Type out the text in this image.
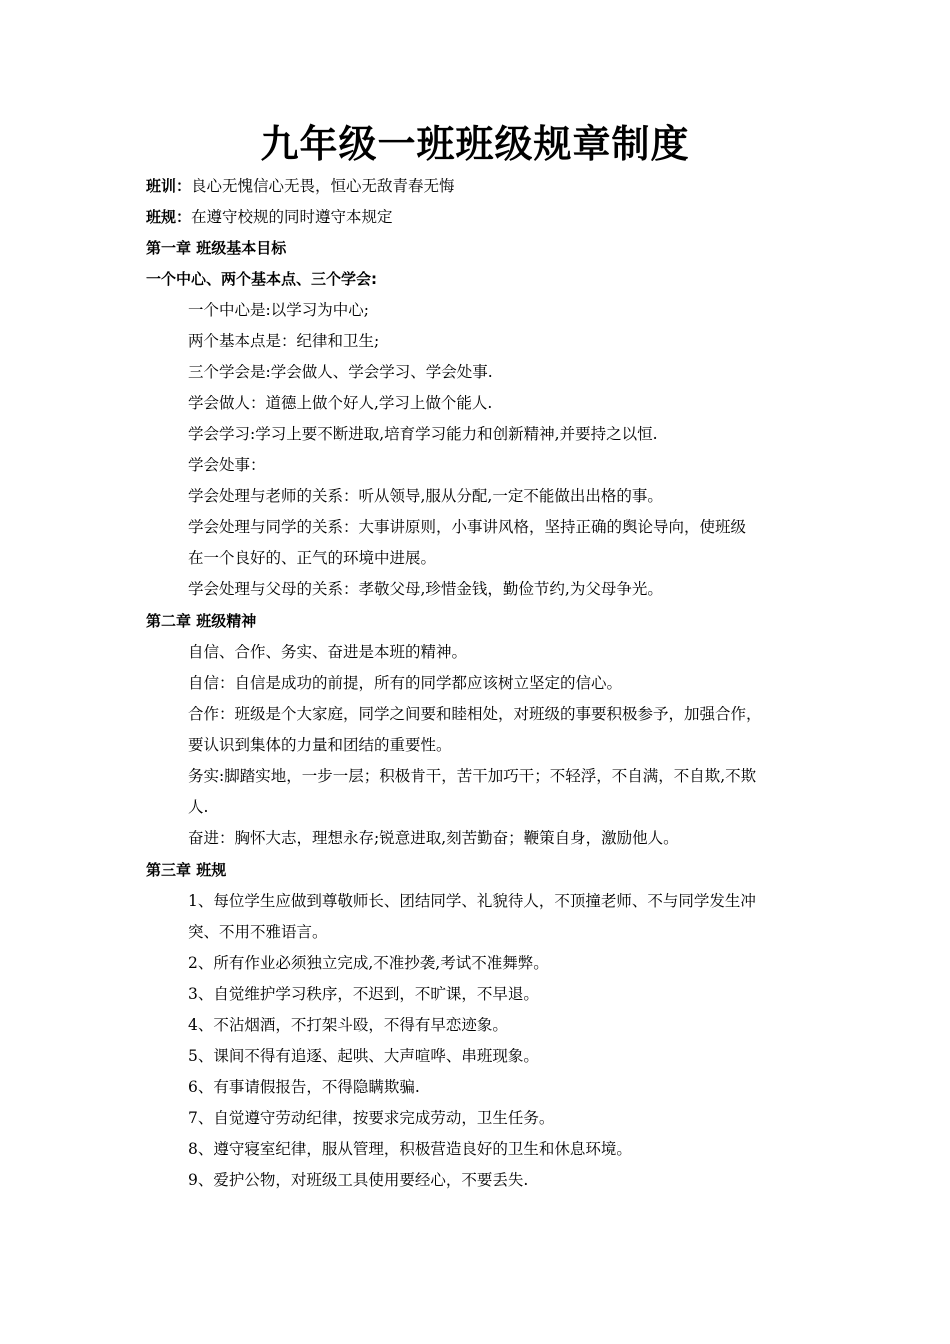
九年级一班班级规章制度
班训：良心无愧信心无畏，恒心无敌青春无悔
班规：在遵守校规的同时遵守本规定
第一章 班级基本目标
一个中心、两个基本点、三个学会:
一个中心是:以学习为中心;
两个基本点是：纪律和卫生;
三个学会是:学会做人、学会学习、学会处事.
学会做人：道德上做个好人,学习上做个能人.
学会学习:学习上要不断进取,培育学习能力和创新精神,并要持之以恒.
学会处事：
学会处理与老师的关系：听从领导,服从分配,一定不能做出出格的事。
学会处理与同学的关系：大事讲原则，小事讲风格，坚持正确的舆论导向，使班级
在一个良好的、正气的环境中进展。
学会处理与父母的关系：孝敬父母,珍惜金钱，勤俭节约,为父母争光。
第二章 班级精神
自信、合作、务实、奋进是本班的精神。
自信：自信是成功的前提，所有的同学都应该树立坚定的信心。
合作：班级是个大家庭，同学之间要和睦相处，对班级的事要积极参予，加强合作，
要认识到集体的力量和团结的重要性。
务实:脚踏实地，一步一层；积极肯干，苦干加巧干；不轻浮，不自满，不自欺,不欺
人.
奋进：胸怀大志，理想永存;锐意进取,刻苦勤奋；鞭策自身，激励他人。
第三章 班规
1、每位学生应做到尊敬师长、团结同学、礼貌待人，不顶撞老师、不与同学发生冲
突、不用不雅语言。
2、所有作业必须独立完成,不准抄袭,考试不准舞弊。
3、自觉维护学习秩序，不迟到，不旷课，不早退。
4、不沾烟酒，不打架斗殴，不得有早恋迹象。
5、课间不得有追逐、起哄、大声喧哗、串班现象。
6、有事请假报告，不得隐瞒欺骗.
7、自觉遵守劳动纪律，按要求完成劳动，卫生任务。
8、遵守寝室纪律，服从管理，积极营造良好的卫生和休息环境。
9、爱护公物，对班级工具使用要经心，不要丢失.
